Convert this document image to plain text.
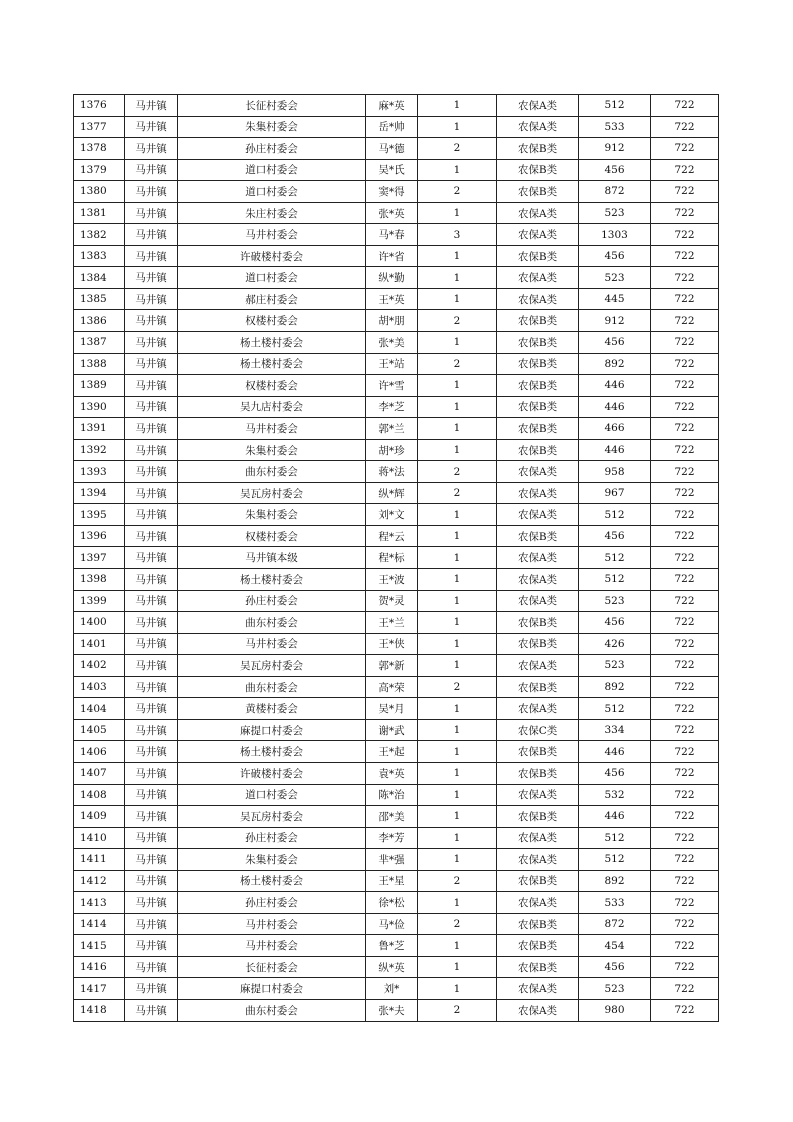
1376	马井镇	长征村委会	麻*英	1	农保A类	512	722
1377	马井镇	朱集村委会	岳*帅	1	农保A类	533	722
1378	马井镇	孙庄村委会	马*德	2	农保B类	912	722
1379	马井镇	道口村委会	吴*氏	1	农保B类	456	722
1380	马井镇	道口村委会	窦*得	2	农保B类	872	722
1381	马井镇	朱庄村委会	张*英	1	农保A类	523	722
1382	马井镇	马井村委会	马*春	3	农保A类	1303	722
1383	马井镇	许破楼村委会	许*省	1	农保B类	456	722
1384	马井镇	道口村委会	纵*勤	1	农保A类	523	722
1385	马井镇	郝庄村委会	王*英	1	农保A类	445	722
1386	马井镇	权楼村委会	胡*朋	2	农保B类	912	722
1387	马井镇	杨土楼村委会	张*美	1	农保B类	456	722
1388	马井镇	杨土楼村委会	王*站	2	农保B类	892	722
1389	马井镇	权楼村委会	许*雪	1	农保B类	446	722
1390	马井镇	吴九店村委会	李*芝	1	农保B类	446	722
1391	马井镇	马井村委会	郭*兰	1	农保B类	466	722
1392	马井镇	朱集村委会	胡*珍	1	农保B类	446	722
1393	马井镇	曲东村委会	蒋*法	2	农保A类	958	722
1394	马井镇	吴瓦房村委会	纵*辉	2	农保A类	967	722
1395	马井镇	朱集村委会	刘*文	1	农保A类	512	722
1396	马井镇	权楼村委会	程*云	1	农保B类	456	722
1397	马井镇	马井镇本级	程*标	1	农保A类	512	722
1398	马井镇	杨土楼村委会	王*波	1	农保A类	512	722
1399	马井镇	孙庄村委会	贺*灵	1	农保A类	523	722
1400	马井镇	曲东村委会	王*兰	1	农保B类	456	722
1401	马井镇	马井村委会	王*侠	1	农保B类	426	722
1402	马井镇	吴瓦房村委会	郭*新	1	农保A类	523	722
1403	马井镇	曲东村委会	高*荣	2	农保B类	892	722
1404	马井镇	黄楼村委会	吴*月	1	农保A类	512	722
1405	马井镇	麻提口村委会	谢*武	1	农保C类	334	722
1406	马井镇	杨土楼村委会	王*起	1	农保B类	446	722
1407	马井镇	许破楼村委会	袁*英	1	农保B类	456	722
1408	马井镇	道口村委会	陈*治	1	农保A类	532	722
1409	马井镇	吴瓦房村委会	邵*美	1	农保B类	446	722
1410	马井镇	孙庄村委会	李*芳	1	农保A类	512	722
1411	马井镇	朱集村委会	芈*强	1	农保A类	512	722
1412	马井镇	杨土楼村委会	王*星	2	农保B类	892	722
1413	马井镇	孙庄村委会	徐*松	1	农保A类	533	722
1414	马井镇	马井村委会	马*俭	2	农保B类	872	722
1415	马井镇	马井村委会	鲁*芝	1	农保B类	454	722
1416	马井镇	长征村委会	纵*英	1	农保B类	456	722
1417	马井镇	麻提口村委会	刘*	1	农保A类	523	722
1418	马井镇	曲东村委会	张*夫	2	农保A类	980	722
